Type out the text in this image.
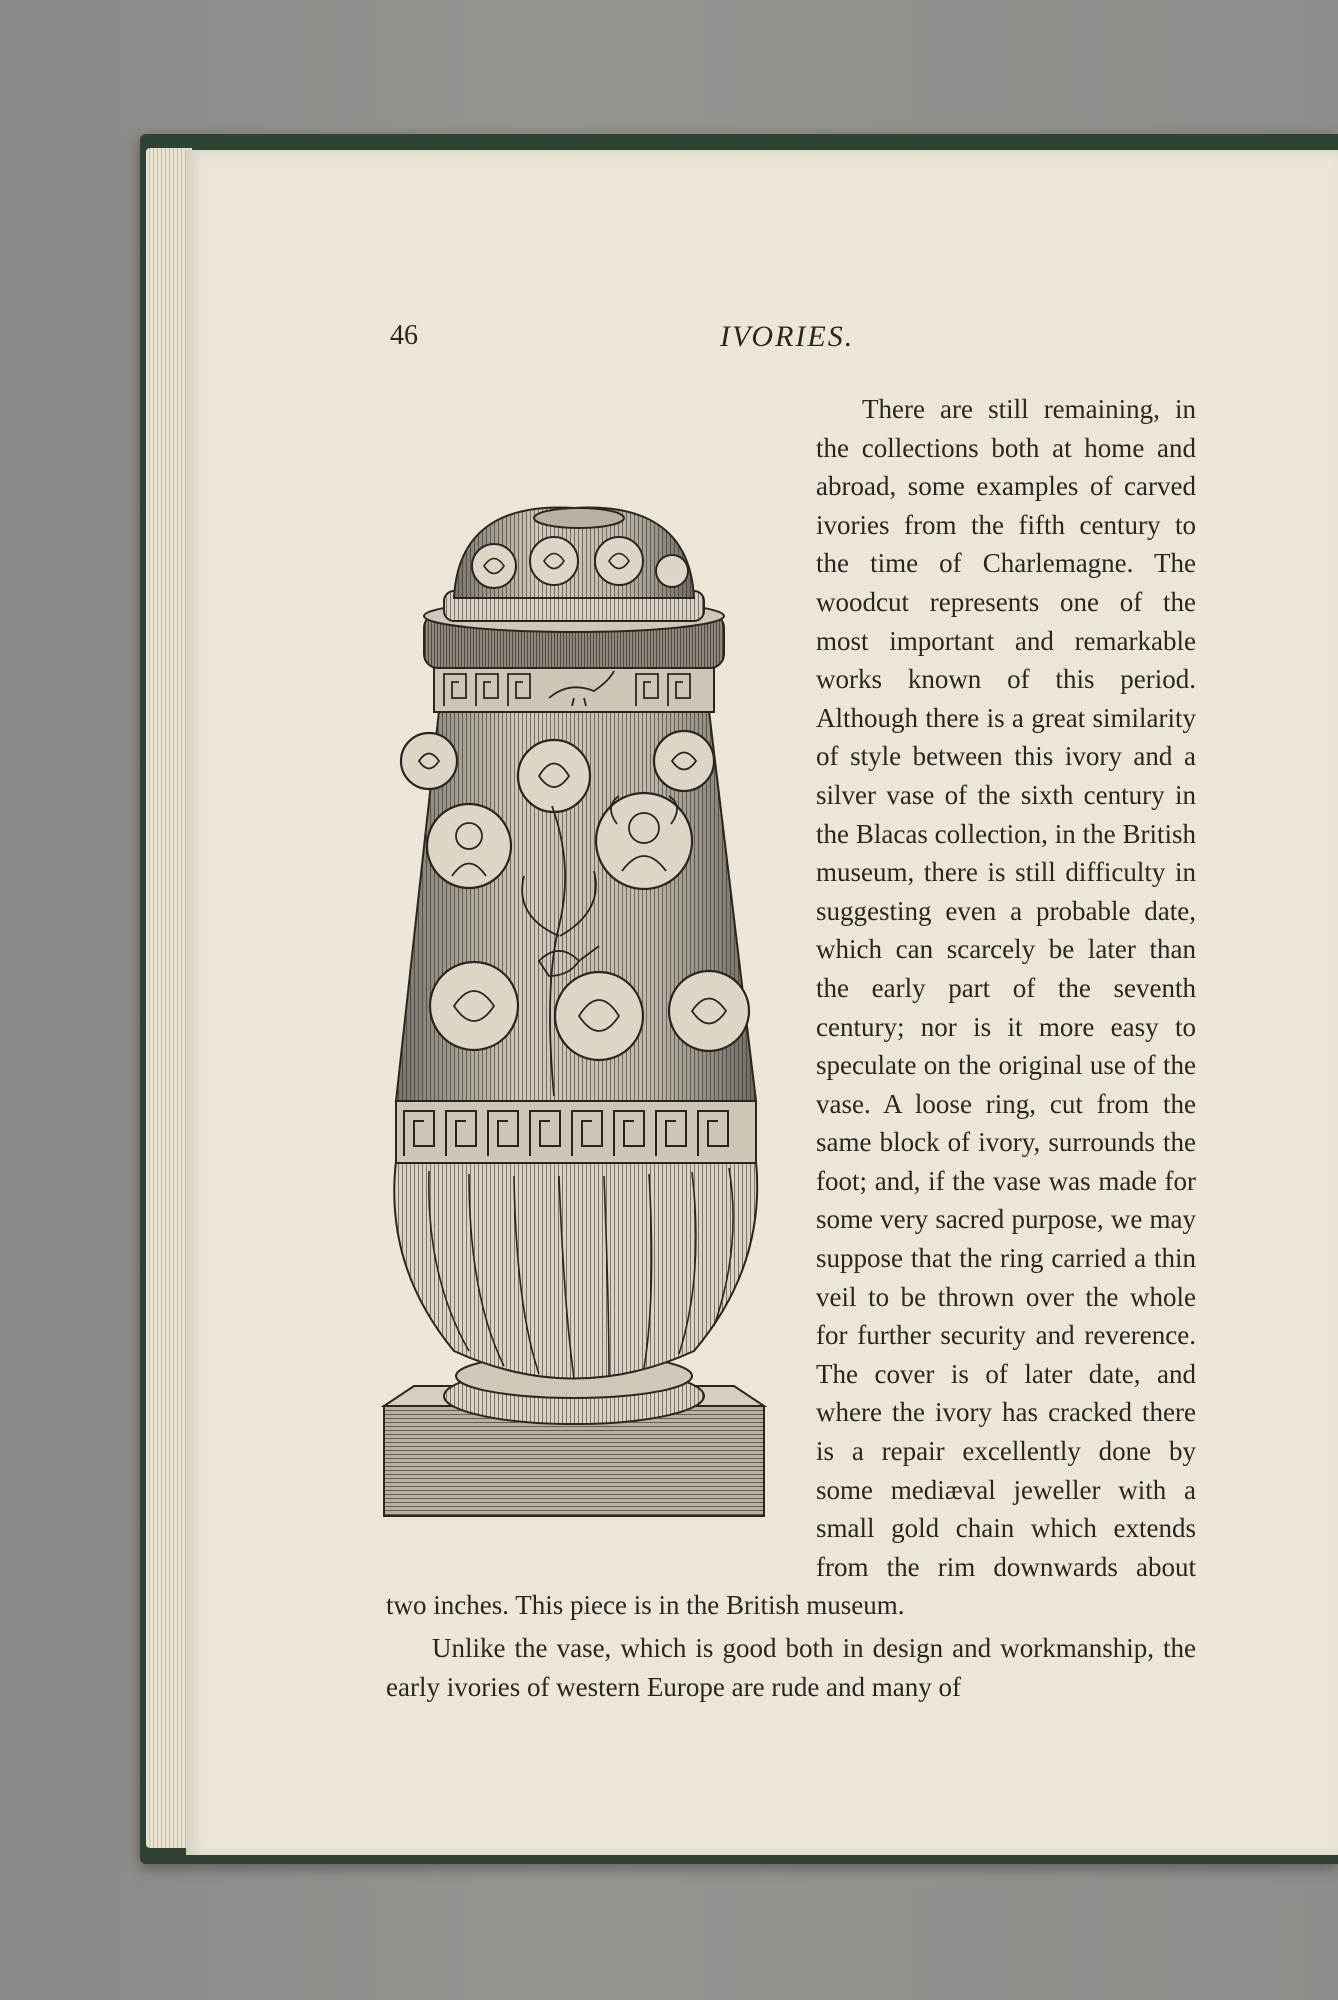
46	IVORIES.

There are still remaining, in the collections both at home and abroad, some examples of carved ivories from the fifth century to the time of Charlemagne. The woodcut represents one of the most important and remarkable works known of this period. Although there is a great similarity of style between this ivory and a silver vase of the sixth century in the Blacas collection, in the British museum, there is still difficulty in suggesting even a probable date, which can scarcely be later than the early part of the seventh century; nor is it more easy to speculate on the original use of the vase. A loose ring, cut from the same block of ivory, surrounds the foot; and, if the vase was made for some very sacred purpose, we may suppose that the ring carried a thin veil to be thrown over the whole for further security and reverence. The cover is of later date, and where the ivory has cracked there is a repair excellently done by some mediæval jeweller with a small gold chain which extends from the rim downwards about two inches. This piece is in the British museum.

Unlike the vase, which is good both in design and workmanship, the early ivories of western Europe are rude and many of
